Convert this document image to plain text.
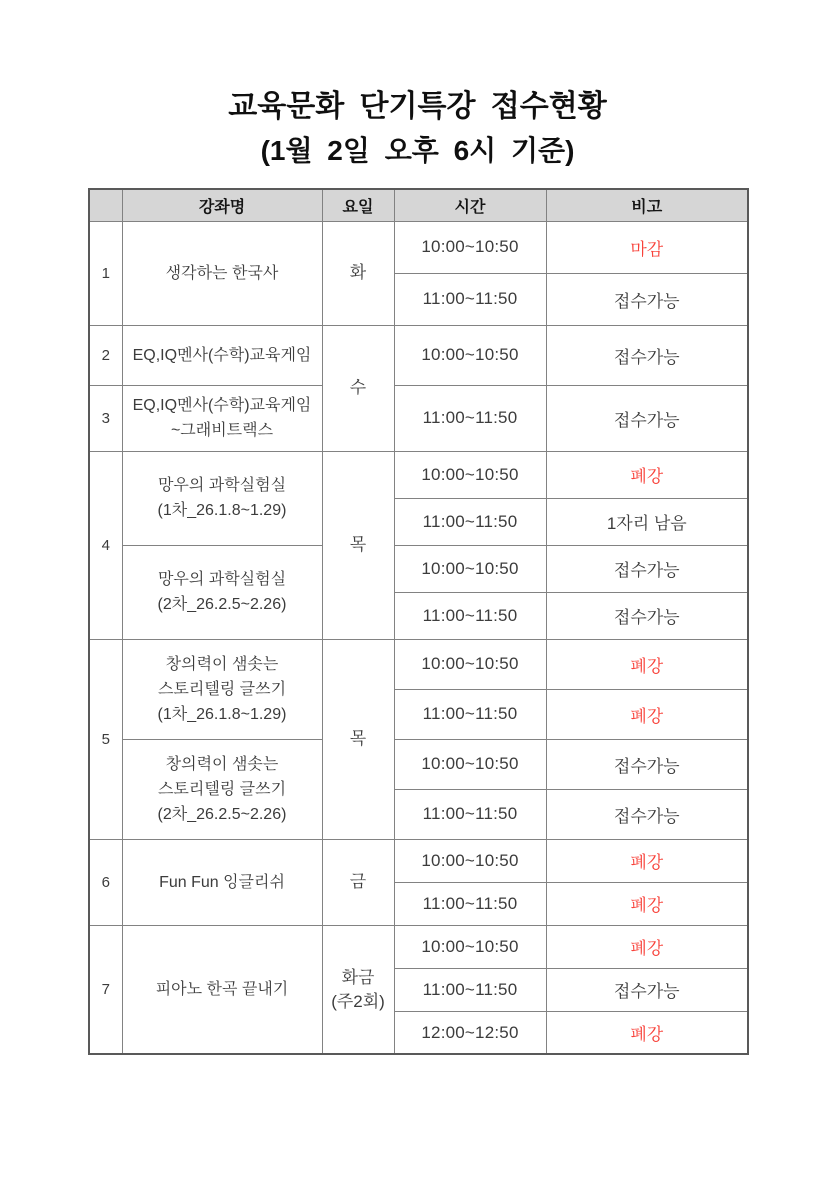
교육문화 단기특강 접수현황
(1월 2일 오후 6시 기준)
	강좌명	요일	시간	비고
1	생각하는 한국사	화	10:00~10:50	마감
			11:00~11:50	접수가능
2	EQ,IQ멘사(수학)교육게임	수	10:00~10:50	접수가능
3	EQ,IQ멘사(수학)교육게임
~그래비트랙스		11:00~11:50	접수가능
4	망우의 과학실험실
(1차_26.1.8~1.29)	목	10:00~10:50	폐강
			11:00~11:50	1자리 남음

	망우의 과학실험실
(2차_26.2.5~2.26)		10:00~10:50	접수가능
			11:00~11:50	접수가능
5	창의력이 샘솟는
스토리텔링 글쓰기
(1차_26.1.8~1.29)	목	10:00~10:50	폐강
			11:00~11:50	폐강

	창의력이 샘솟는
스토리텔링 글쓰기
(2차_26.2.5~2.26)		10:00~10:50	접수가능
			11:00~11:50	접수가능
6	Fun Fun 잉글리쉬	금	10:00~10:50	폐강
			11:00~11:50	폐강
7	피아노 한곡 끝내기	화금
(주2회)	10:00~10:50	폐강
			11:00~11:50	접수가능
			12:00~12:50	폐강
